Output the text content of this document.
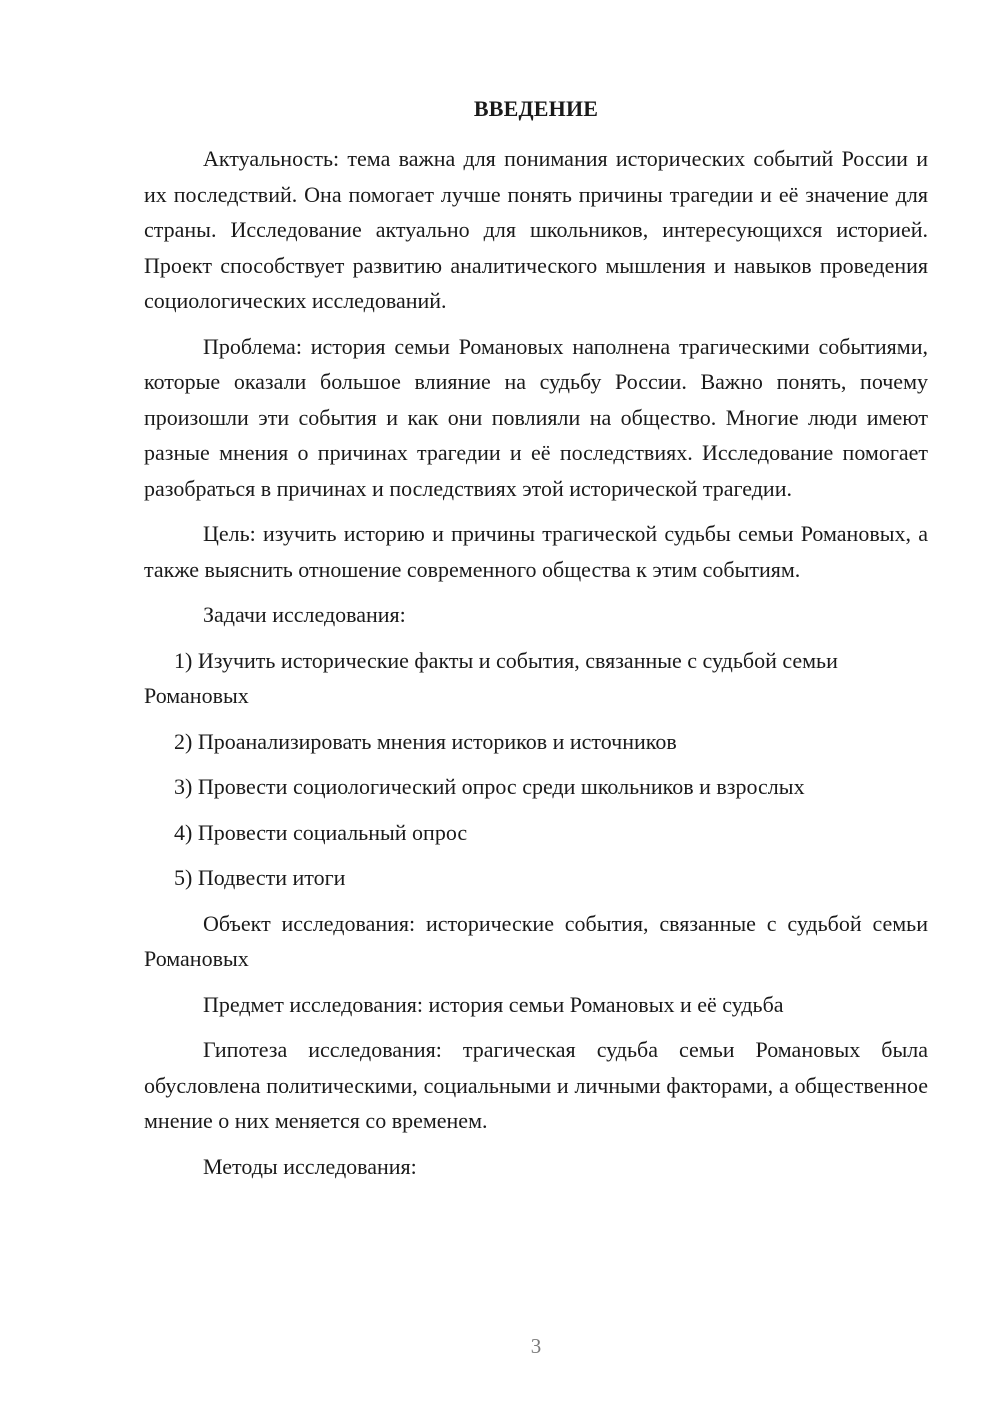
ВВЕДЕНИЕ

Актуальность: тема важна для понимания исторических событий России и их последствий. Она помогает лучше понять причины трагедии и её значение для страны. Исследование актуально для школьников, интересующихся историей. Проект способствует развитию аналитического мышления и навыков проведения социологических исследований.

Проблема: история семьи Романовых наполнена трагическими событиями, которые оказали большое влияние на судьбу России. Важно понять, почему произошли эти события и как они повлияли на общество. Многие люди имеют разные мнения о причинах трагедии и её последствиях. Исследование помогает разобраться в причинах и последствиях этой исторической трагедии.

Цель: изучить историю и причины трагической судьбы семьи Романовых, а также выяснить отношение современного общества к этим событиям.

Задачи исследования:

1) Изучить исторические факты и события, связанные с судьбой семьи Романовых
2) Проанализировать мнения историков и источников
3) Провести социологический опрос среди школьников и взрослых
4) Провести социальный опрос
5) Подвести итоги

Объект исследования: исторические события, связанные с судьбой семьи Романовых

Предмет исследования: история семьи Романовых и её судьба

Гипотеза исследования: трагическая судьба семьи Романовых была обусловлена политическими, социальными и личными факторами, а общественное мнение о них меняется со временем.

Методы исследования:

3
